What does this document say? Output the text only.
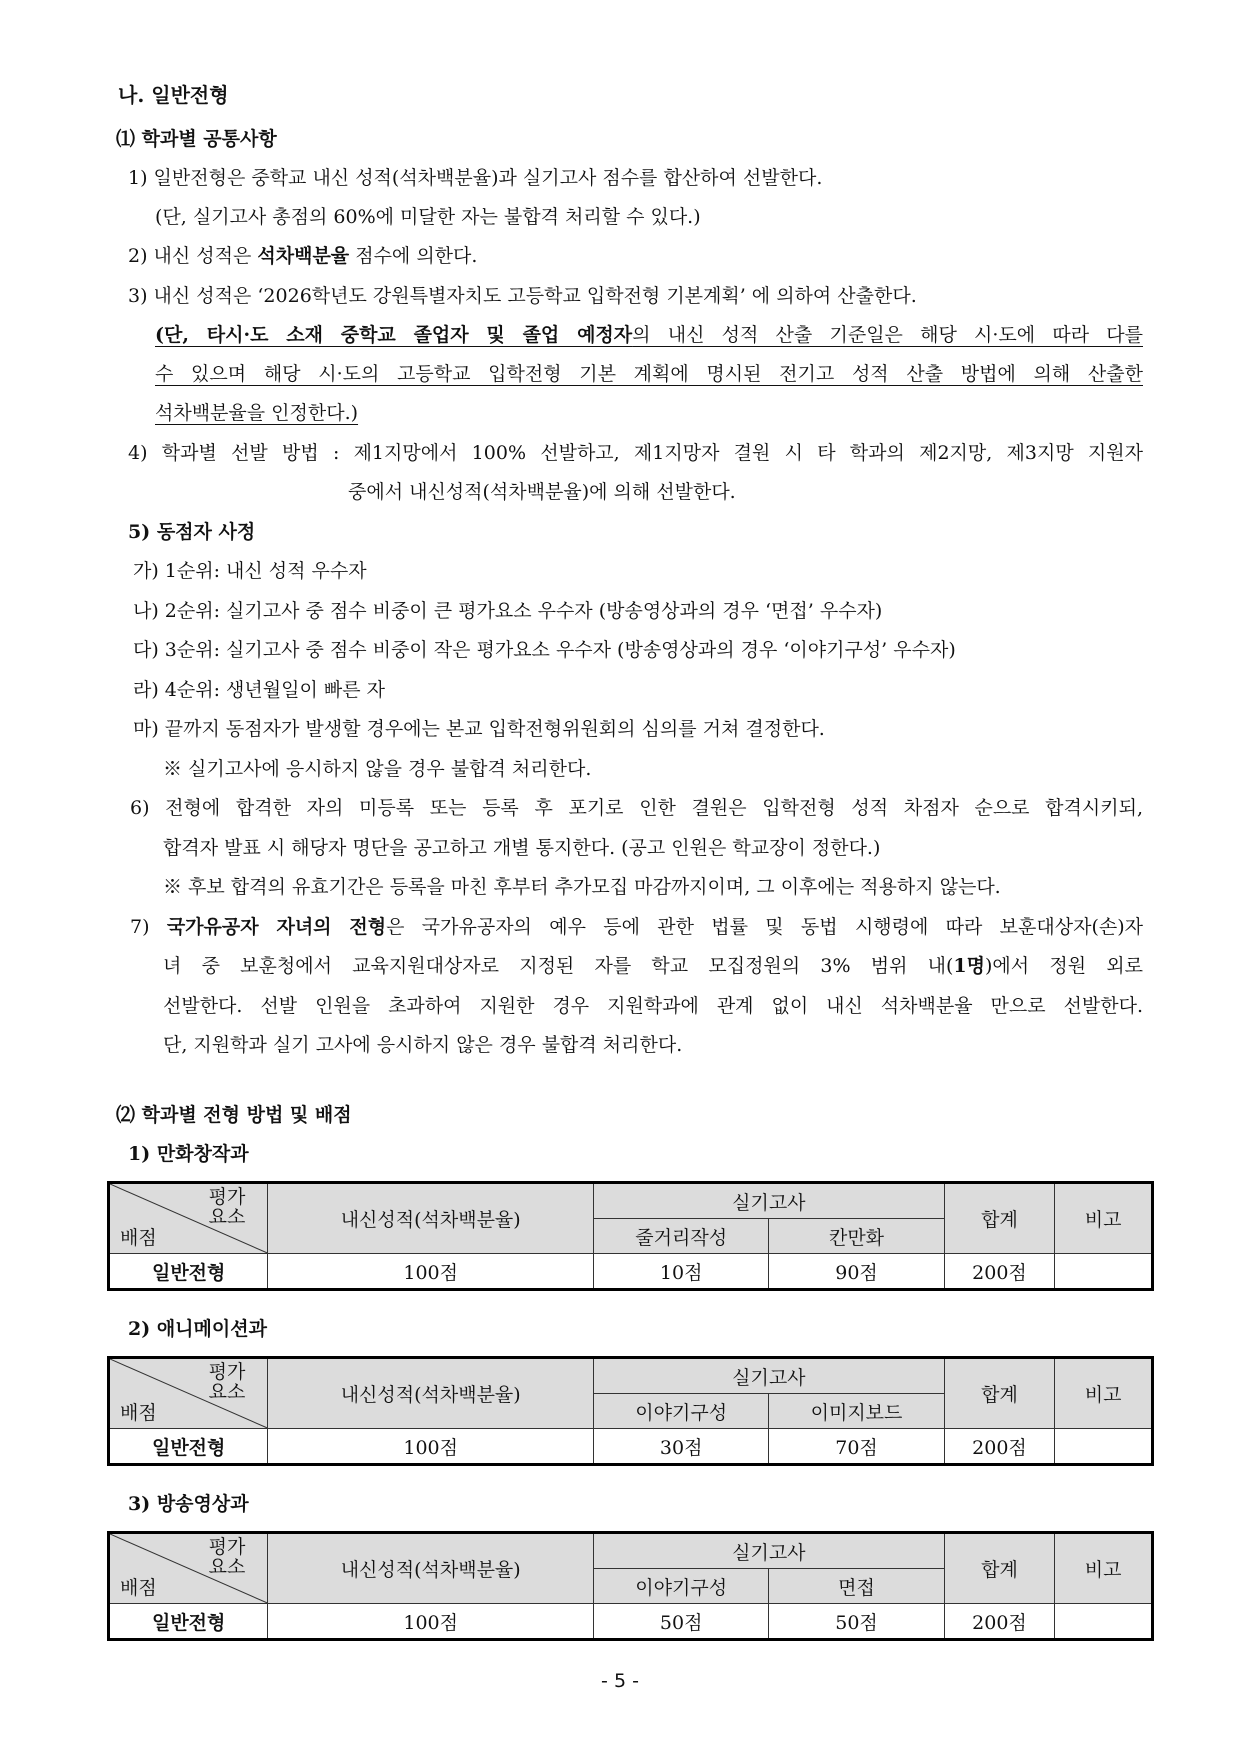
나. 일반전형
⑴ 학과별 공통사항
1) 일반전형은 중학교 내신 성적(석차백분율)과 실기고사 점수를 합산하여 선발한다.
(단, 실기고사 총점의 60%에 미달한 자는 불합격 처리할 수 있다.)
2) 내신 성적은 석차백분율 점수에 의한다.
3) 내신 성적은 ‘2026학년도 강원특별자치도 고등학교 입학전형 기본계획’ 에 의하여 산출한다.
(단, 타시·도 소재 중학교 졸업자 및 졸업 예정자의 내신 성적 산출 기준일은 해당 시·도에 따라 다를
수 있으며 해당 시·도의 고등학교 입학전형 기본 계획에 명시된 전기고 성적 산출 방법에 의해 산출한
석차백분율을 인정한다.)
4) 학과별 선발 방법 : 제1지망에서 100% 선발하고, 제1지망자 결원 시 타 학과의 제2지망, 제3지망 지원자
중에서 내신성적(석차백분율)에 의해 선발한다.
5) 동점자 사정
가) 1순위: 내신 성적 우수자
나) 2순위: 실기고사 중 점수 비중이 큰 평가요소 우수자 (방송영상과의 경우 ‘면접’ 우수자)
다) 3순위: 실기고사 중 점수 비중이 작은 평가요소 우수자 (방송영상과의 경우 ‘이야기구성’ 우수자)
라) 4순위: 생년월일이 빠른 자
마) 끝까지 동점자가 발생할 경우에는 본교 입학전형위원회의 심의를 거쳐 결정한다.
※ 실기고사에 응시하지 않을 경우 불합격 처리한다.
6) 전형에 합격한 자의 미등록 또는 등록 후 포기로 인한 결원은 입학전형 성적 차점자 순으로 합격시키되,
합격자 발표 시 해당자 명단을 공고하고 개별 통지한다. (공고 인원은 학교장이 정한다.)
※ 후보 합격의 유효기간은 등록을 마친 후부터 추가모집 마감까지이며, 그 이후에는 적용하지 않는다.
7) 국가유공자 자녀의 전형은 국가유공자의 예우 등에 관한 법률 및 동법 시행령에 따라 보훈대상자(손)자
녀 중 보훈청에서 교육지원대상자로 지정된 자를 학교 모집정원의 3% 범위 내(1명)에서 정원 외로
선발한다. 선발 인원을 초과하여 지원한 경우 지원학과에 관계 없이 내신 석차백분율 만으로 선발한다.
단, 지원학과 실기 고사에 응시하지 않은 경우 불합격 처리한다.
⑵ 학과별 전형 방법 및 배점
1) 만화창작과
평가
요소
배점	내신성적(석차백분율)	실기고사		합계	비고
		줄거리작성	칸만화		
일반전형	100점	10점	90점	200점	
2) 애니메이션과
평가
요소
배점	내신성적(석차백분율)	실기고사		합계	비고
		이야기구성	이미지보드		
일반전형	100점	30점	70점	200점	
3) 방송영상과
평가
요소
배점	내신성적(석차백분율)	실기고사		합계	비고
		이야기구성	면접		
일반전형	100점	50점	50점	200점	
- 5 -
